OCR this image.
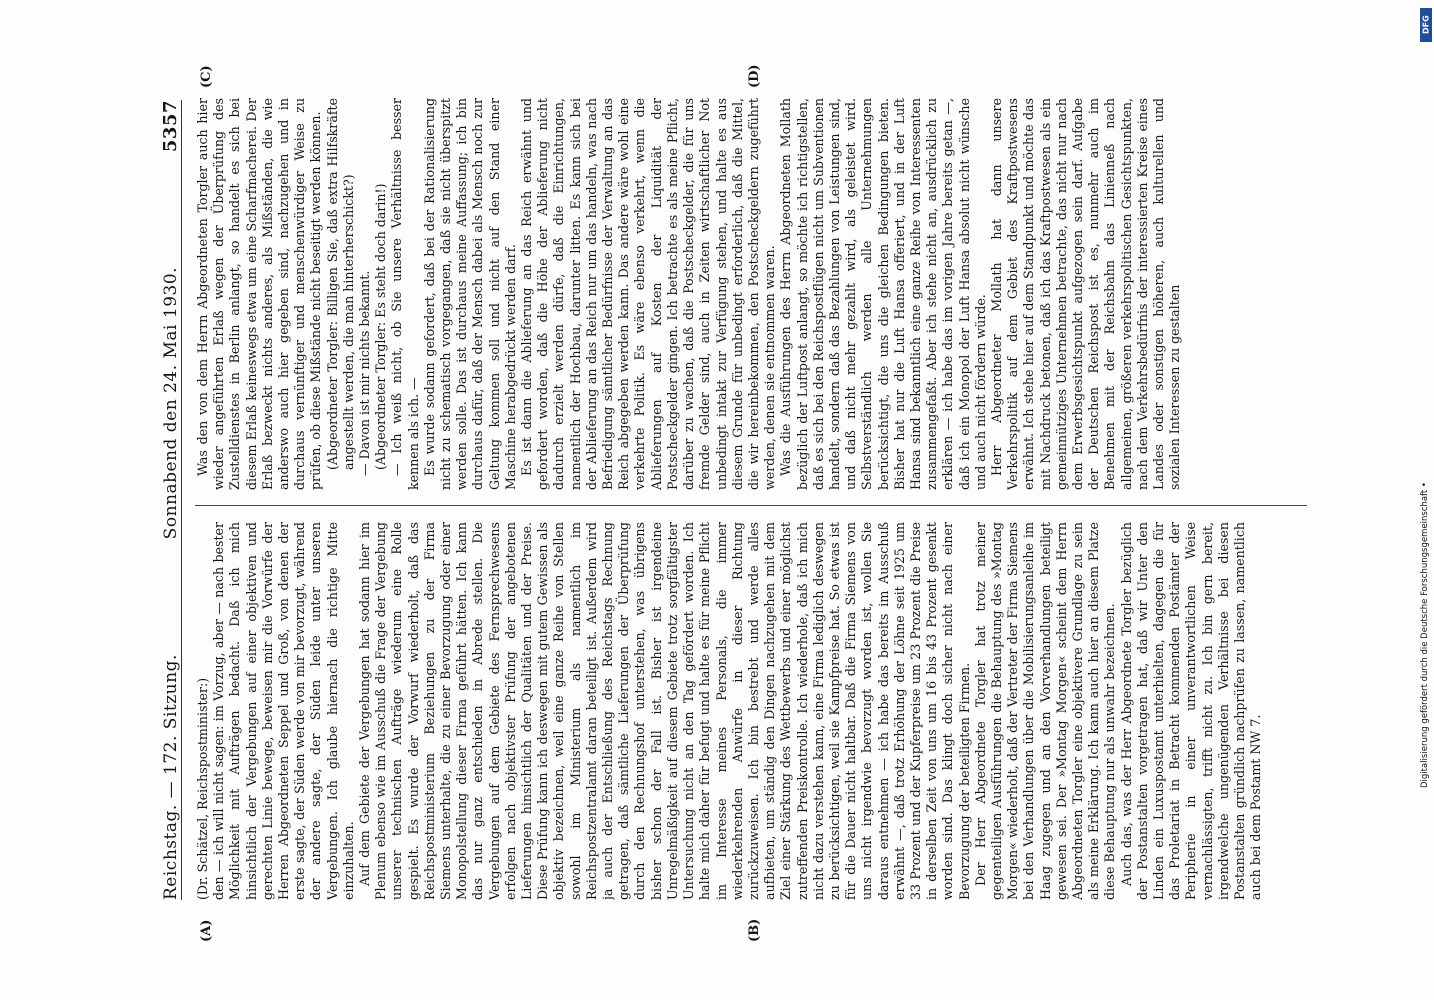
Reichstag. — 172. Sitzung.
Sonnabend den 24. Mai 1930.
5357
(A)	(B)
(C)	(D)

(Dr. Schätzel, Reichspostminister:) den — ich will nicht sagen: im Vorzug, aber — nach bester Möglichkeit mit Aufträgen bedacht. Daß ich mich hinsichtlich der Vergebungen auf einer objektiven und gerechten Linie bewege, beweisen mir die Vorwürfe der Herren Abgeordneten Seppel und Groß, von denen der erste sagte, der Süden werde von mir bevorzugt, während der andere sagte, der Süden leide unter unseren Vergebungen. Ich glaube hiernach die richtige Mitte einzuhalten. Auf dem Gebiete der Vergebungen hat sodann hier im Plenum ebenso wie im Ausschuß die Frage der Vergebung unserer technischen Aufträge wiederum eine Rolle gespielt. Es wurde der Vorwurf wiederholt, daß das Reichspostministerium Beziehungen zu der Firma Siemens unterhalte, die zu einer Bevorzugung oder einer Monopolstellung dieser Firma geführt hätten. Ich kann das nur ganz entschieden in Abrede stellen. Die Vergebungen auf dem Gebiete des Fernsprechwesens erfolgen nach objektivster Prüfung der angebotenen Lieferungen hinsichtlich der Qualitäten und der Preise. Diese Prüfung kann ich deswegen mit gutem Gewissen als objektiv bezeichnen, weil eine ganze Reihe von Stellen sowohl im Ministerium als namentlich im Reichspostzentralamt daran beteiligt ist. Außerdem wird ja auch der Entschließung des Reichstags Rechnung getragen, daß sämtliche Lieferungen der Überprüfung durch den Rechnungshof unterstehen, was übrigens bisher schon der Fall ist. Bisher ist irgendeine Unregelmäßigkeit auf diesem Gebiete trotz sorgfältigster Untersuchung nicht an den Tag gefördert worden. Ich halte mich daher für befugt und halte es für meine Pflicht im Interesse meines Personals, die immer wiederkehrenden Anwürfe in dieser Richtung zurückzuweisen. Ich bin bestrebt und werde alles aufbieten, um ständig den Dingen nachzugehen mit dem Ziel einer Stärkung des Wettbewerbs und einer möglichst zutreffenden Preiskontrolle. Ich wiederhole, daß ich mich nicht dazu verstehen kann, eine Firma lediglich deswegen zu berücksichtigen, weil sie Kampfpreise hat. So etwas ist für die Dauer nicht haltbar. Daß die Firma Siemens von uns nicht irgendwie bevorzugt worden ist, wollen Sie daraus entnehmen — ich habe das bereits im Ausschuß erwähnt —, daß trotz Erhöhung der Löhne seit 1925 um 33 Prozent und der Kupferpreise um 23 Prozent die Preise in derselben Zeit von uns um 16 bis 43 Prozent gesenkt worden sind. Das klingt doch sicher nicht nach einer Bevorzugung der beteiligten Firmen. Der Herr Abgeordnete Torgler hat trotz meiner gegenteiligen Ausführungen die Behauptung des »Montag Morgen« wiederholt, daß der Vertreter der Firma Siemens bei den Verhandlungen über die Mobilisierungsanleihe im Haag zugegen und an den Vorverhandlungen beteiligt gewesen sei. Der »Montag Morgen« scheint dem Herrn Abgeordneten Torgler eine objektivere Grundlage zu sein als meine Erklärung. Ich kann auch hier an diesem Platze diese Behauptung nur als unwahr bezeichnen. Auch das, was der Herr Abgeordnete Torgler bezüglich der Postanstalten vorgetragen hat, daß wir Unter den Linden ein Luxuspostamt unterhielten, dagegen die für das Proletariat in Betracht kommenden Postämter der Peripherie in einer unverantwortlichen Weise vernachlässigten, trifft nicht zu. Ich bin gern bereit, irgendwelche ungenügenden Verhältnisse bei diesen Postanstalten gründlich nachprüfen zu lassen, namentlich auch bei dem Postamt NW 7.

Was den von dem Herrn Abgeordneten Torgler auch hier wieder angeführten Erlaß wegen der Überprüfung des Zustelldienstes in Berlin anlangt, so handelt es sich bei diesem Erlaß keineswegs etwa um eine Scharfmacherei. Der Erlaß bezweckt nichts anderes, als Mißständen, die wie anderswo auch hier gegeben sind, nachzugehen und in durchaus vernünftiger und menschenwürdiger Weise zu prüfen, ob diese Mißstände nicht beseitigt werden können. (Abgeordneter Torgler: Billigen Sie, daß extra Hilfskräfte angestellt werden, die man hinterherschickt?) — Davon ist mir nichts bekannt. (Abgeordneter Torgler: Es steht doch darin!) — Ich weiß nicht, ob Sie unsere Verhältnisse besser kennen als ich. — Es wurde sodann gefordert, daß bei der Rationalisierung nicht zu schematisch vorgegangen, daß sie nicht überspitzt werden solle. Das ist durchaus meine Auffassung; ich bin durchaus dafür, daß der Mensch dabei als Mensch noch zur Geltung kommen soll und nicht auf den Stand einer Maschine herabgedrückt werden darf. Es ist dann die Ablieferung an das Reich erwähnt und gefordert worden, daß die Höhe der Ablieferung nicht dadurch erzielt werden dürfe, daß die Einrichtungen, namentlich der Hochbau, darunter litten. Es kann sich bei der Ablieferung an das Reich nur um das handeln, was nach Befriedigung sämtlicher Bedürfnisse der Verwaltung an das Reich abgegeben werden kann. Das andere wäre wohl eine verkehrte Politik. Es wäre ebenso verkehrt, wenn die Ablieferungen auf Kosten der Liquidität der Postscheckgelder gingen. Ich betrachte es als meine Pflicht, darüber zu wachen, daß die Postscheckgelder, die für uns fremde Gelder sind, auch in Zeiten wirtschaftlicher Not unbedingt intakt zur Verfügung stehen, und halte es aus diesem Grunde für unbedingt erforderlich, daß die Mittel, die wir hereinbekommen, den Postscheckgeldern zugeführt werden, denen sie entnommen waren. Was die Ausführungen des Herrn Abgeordneten Mollath bezüglich der Luftpost anlangt, so möchte ich richtigstellen, daß es sich bei den Reichspostflügen nicht um Subventionen handelt, sondern daß das Bezahlungen von Leistungen sind, und daß nicht mehr gezahlt wird, als geleistet wird. Selbstverständlich werden alle Unternehmungen berücksichtigt, die uns die gleichen Bedingungen bieten. Bisher hat nur die Luft Hansa offeriert, und in der Luft Hansa sind bekanntlich eine ganze Reihe von Interessenten zusammengefaßt. Aber ich stehe nicht an, ausdrücklich zu erklären — ich habe das im vorigen Jahre bereits getan —, daß ich ein Monopol der Luft Hansa absolut nicht wünsche und auch nicht fördern würde. Herr Abgeordneter Mollath hat dann unsere Verkehrspolitik auf dem Gebiet des Kraftpostwesens erwähnt. Ich stehe hier auf dem Standpunkt und möchte das mit Nachdruck betonen, daß ich das Kraftpostwesen als ein gemeinnütziges Unternehmen betrachte, das nicht nur nach dem Erwerbsgesichtspunkt aufgezogen sein darf. Aufgabe der Deutschen Reichspost ist es, nunmehr auch im Benehmen mit der Reichsbahn das Linienneß nach allgemeinen, größeren verkehrspolitischen Gesichtspunkten, nach dem Verkehrsbedürfnis der interessierten Kreise eines Landes oder sonstigen höheren, auch kulturellen und sozialen Interessen zu gestalten

DFG
Digitalisierung gefördert durch die Deutsche Forschungsgemeinschaft •
